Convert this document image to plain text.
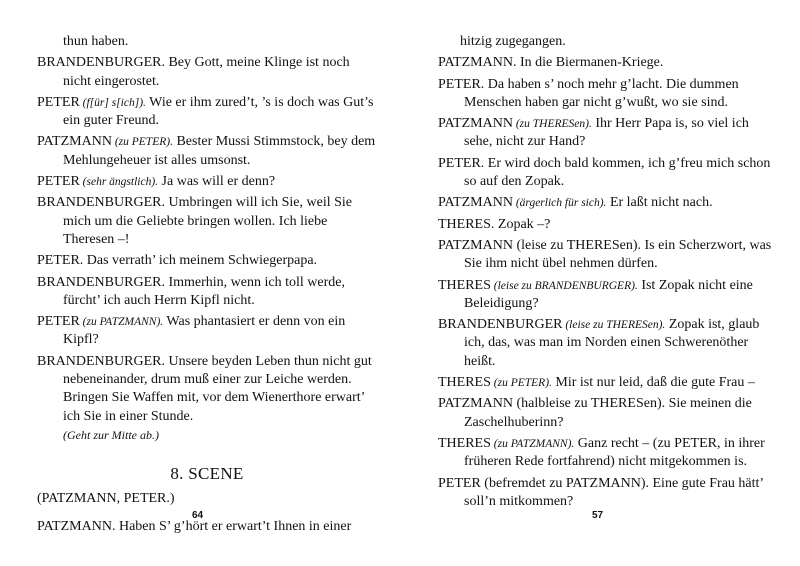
thun haben.

BRANDENBURGER. Bey Gott, meine Klinge ist noch nicht eingerostet.

PETER (f[ür] s[ich]). Wie er ihm zured’t, ’s is doch was Gut’s ein guter Freund.

PATZMANN (zu PETER). Bester Mussi Stimmstock, bey dem Mehlungeheuer ist alles umsonst.

PETER (sehr ängstlich). Ja was will er denn?

BRANDENBURGER. Umbringen will ich Sie, weil Sie mich um die Geliebte bringen wollen. Ich liebe Theresen –!

PETER. Das verrath’ ich meinem Schwiegerpapa.

BRANDENBURGER. Immerhin, wenn ich toll werde, fürcht’ ich auch Herrn Kipfl nicht.

PETER (zu PATZMANN). Was phantasiert er denn von ein Kipfl?

BRANDENBURGER. Unsere beyden Leben thun nicht gut nebeneinander, drum muß einer zur Leiche werden. Bringen Sie Waffen mit, vor dem Wienerthore erwart’ ich Sie in einer Stunde.
(Geht zur Mitte ab.)

8. SCENE

(PATZMANN, PETER.)

PATZMANN. Haben S’ g’hört er erwart’t Ihnen in einer

64

hitzig zugegangen.

PATZMANN. In die Biermanen-Kriege.

PETER. Da haben s’ noch mehr g’lacht. Die dummen Menschen haben gar nicht g’wußt, wo sie sind.

PATZMANN (zu THERESen). Ihr Herr Papa is, so viel ich sehe, nicht zur Hand?

PETER. Er wird doch bald kommen, ich g’freu mich schon so auf den Zopak.

PATZMANN (ärgerlich für sich). Er laßt nicht nach.

THERES. Zopak –?

PATZMANN (leise zu THERESen). Is ein Scherzwort, was Sie ihm nicht übel nehmen dürfen.

THERES (leise zu BRANDENBURGER). Ist Zopak nicht eine Beleidigung?

BRANDENBURGER (leise zu THERESen). Zopak ist, glaub ich, das, was man im Norden einen Schwerenöther heißt.

THERES (zu PETER). Mir ist nur leid, daß die gute Frau –

PATZMANN (halbleise zu THERESen). Sie meinen die Zaschelhuberinn?

THERES (zu PATZMANN). Ganz recht – (zu PETER, in ihrer früheren Rede fortfahrend) nicht mitgekommen is.

PETER (befremdet zu PATZMANN). Eine gute Frau hätt’ soll’n mitkommen?

57
